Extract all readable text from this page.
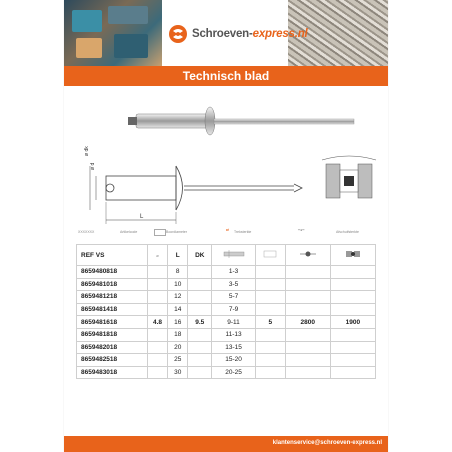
Schroeven-express.nl
Technisch blad
ø d
ø dk
L
XXXXXXX	Artikelcode	Boordiameter	⇄ Treksterkte	━●━	Afschuifsterkte
REF VS	ø	L	DK				
8659480818		8		1-3			
8659481018		10		3-5			
8659481218		12		5-7			
8659481418		14		7-9			
8659481618	4.8	16	9.5	9-11	5	2800	1900
8659481818		18		11-13			
8659482018		20		13-15			
8659482518		25		15-20			
8659483018		30		20-25			
klantenservice@schroeven-express.nl
